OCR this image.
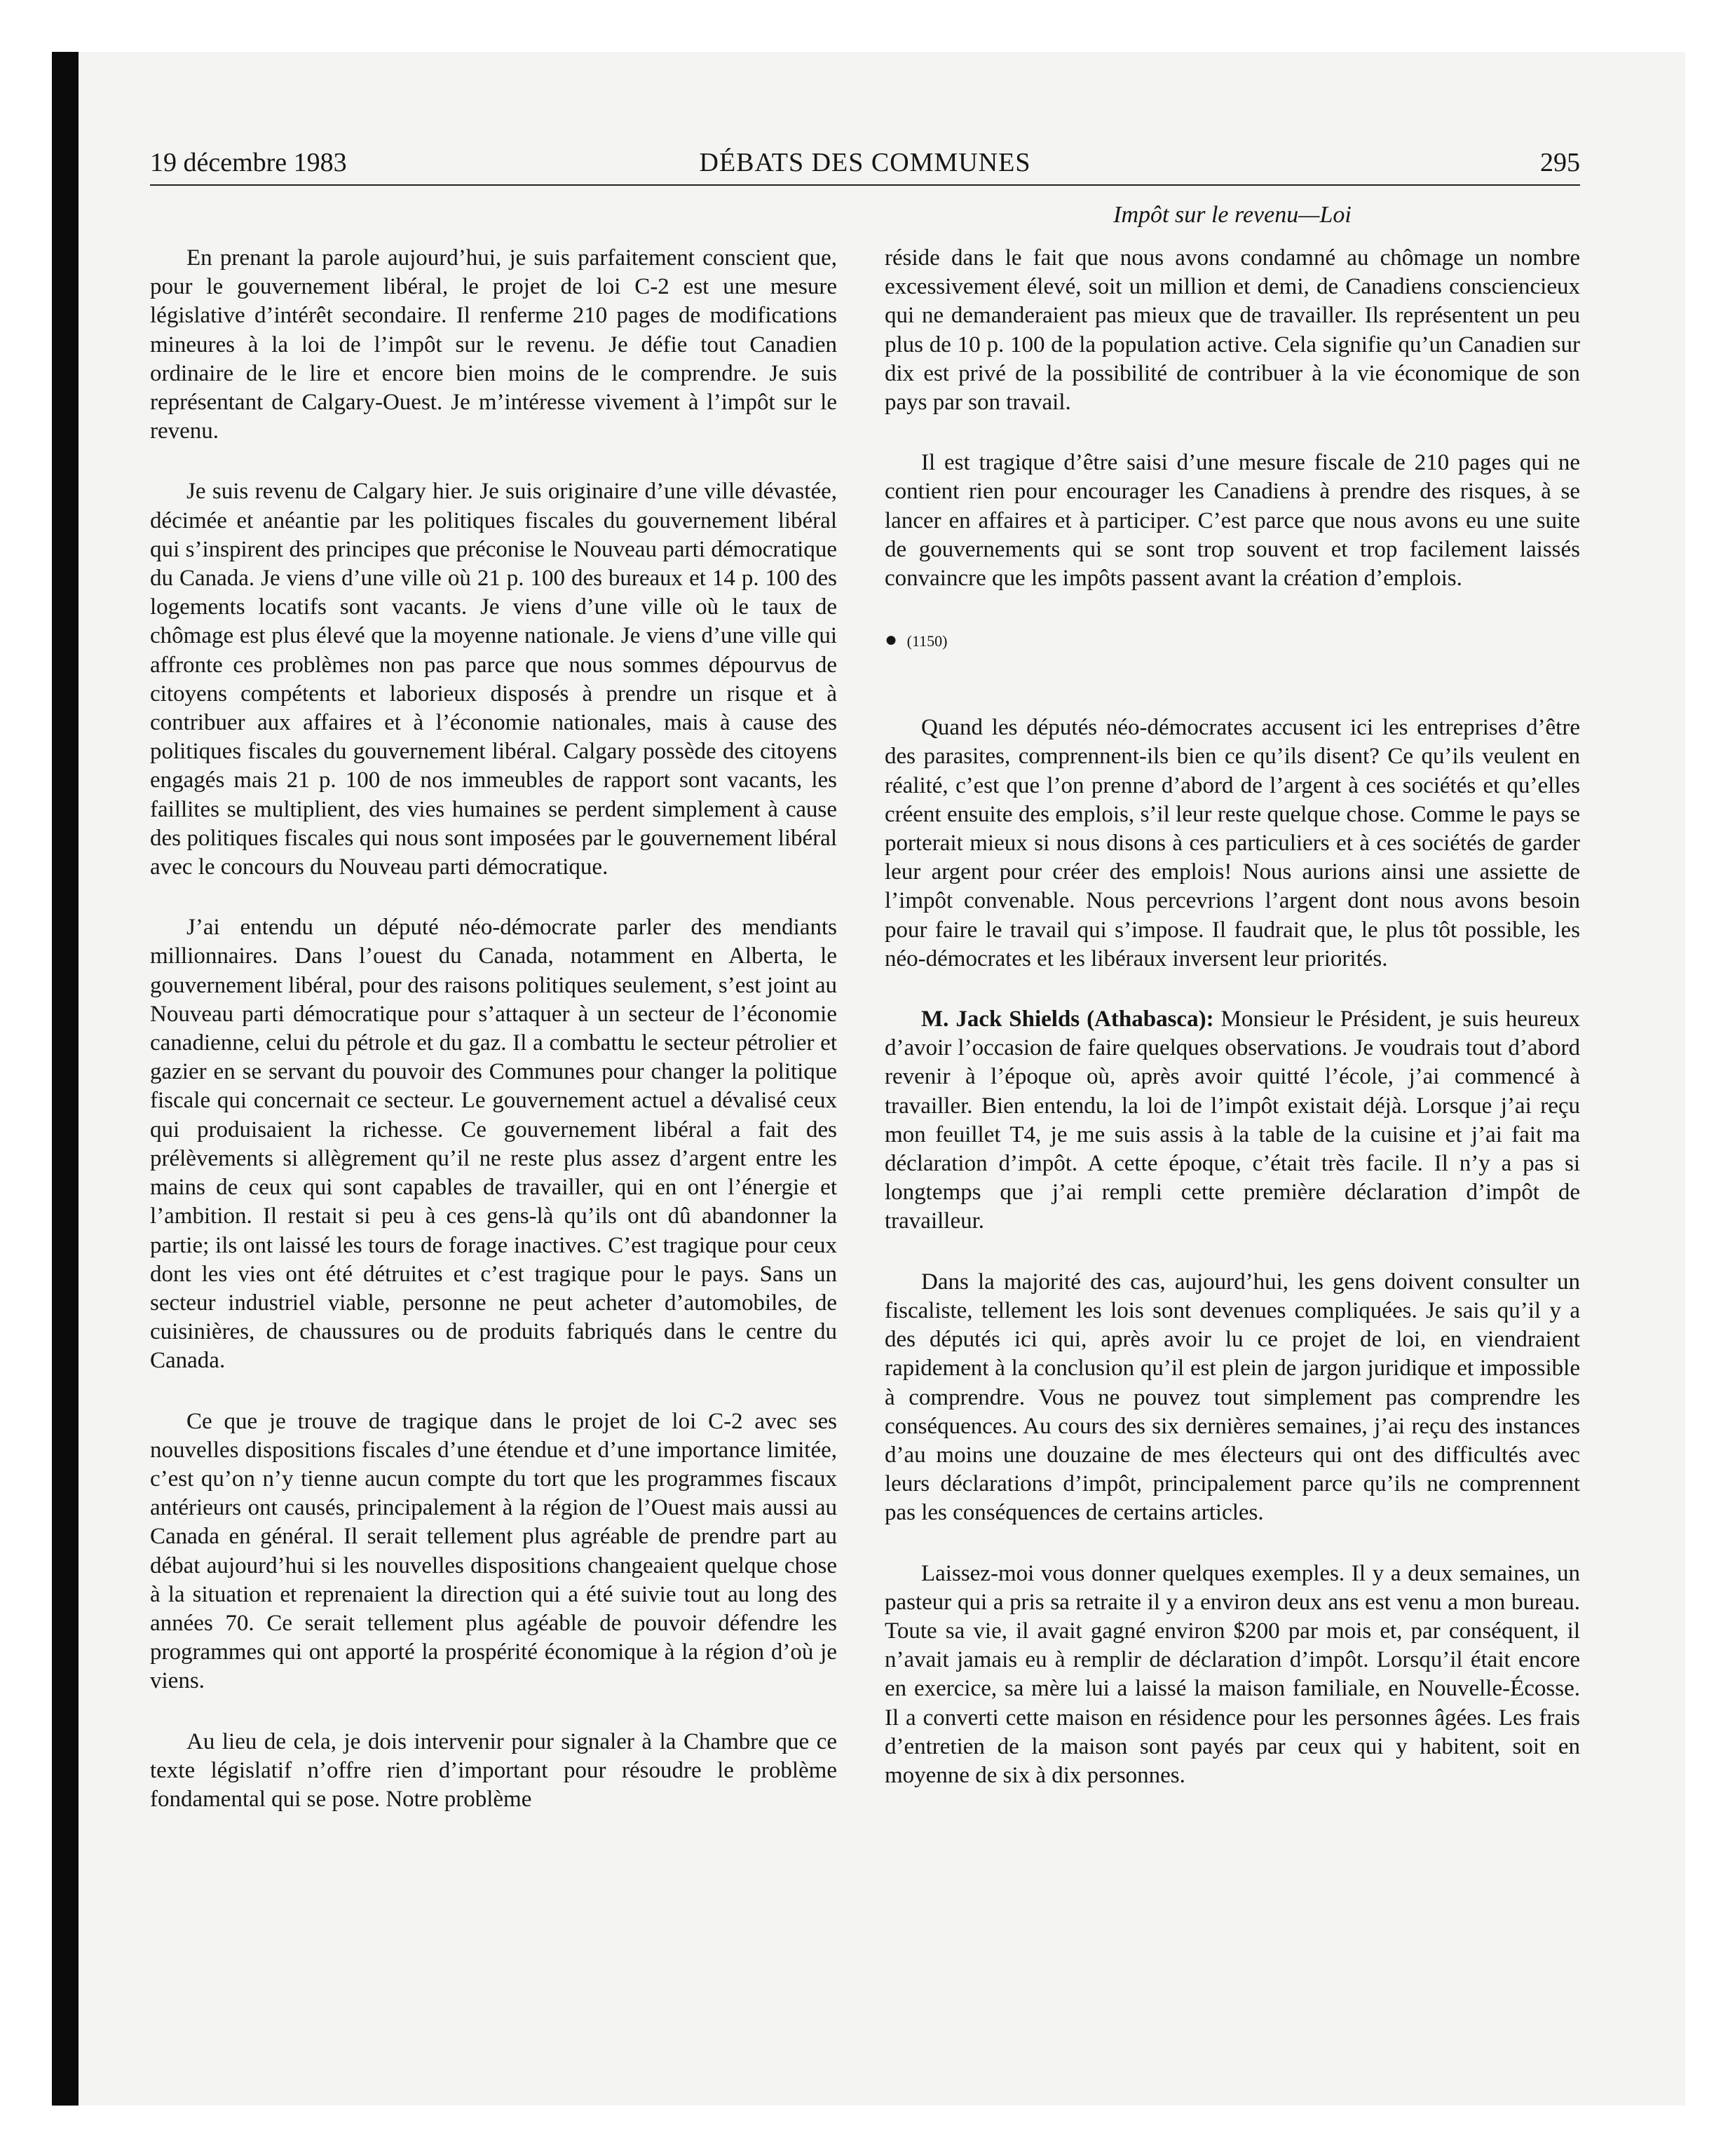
19 décembre 1983	DÉBATS DES COMMUNES	295
Impôt sur le revenu—Loi

En prenant la parole aujourd’hui, je suis parfaitement conscient que, pour le gouvernement libéral, le projet de loi C-2 est une mesure législative d’intérêt secondaire. Il renferme 210 pages de modifications mineures à la loi de l’impôt sur le revenu. Je défie tout Canadien ordinaire de le lire et encore bien moins de le comprendre. Je suis représentant de Calgary-Ouest. Je m’intéresse vivement à l’impôt sur le revenu.

Je suis revenu de Calgary hier. Je suis originaire d’une ville dévastée, décimée et anéantie par les politiques fiscales du gouvernement libéral qui s’inspirent des principes que préconise le Nouveau parti démocratique du Canada. Je viens d’une ville où 21 p. 100 des bureaux et 14 p. 100 des logements locatifs sont vacants. Je viens d’une ville où le taux de chômage est plus élevé que la moyenne nationale. Je viens d’une ville qui affronte ces problèmes non pas parce que nous sommes dépourvus de citoyens compétents et laborieux disposés à prendre un risque et à contribuer aux affaires et à l’économie nationales, mais à cause des politiques fiscales du gouvernement libéral. Calgary possède des citoyens engagés mais 21 p. 100 de nos immeubles de rapport sont vacants, les faillites se multiplient, des vies humaines se perdent simplement à cause des politiques fiscales qui nous sont imposées par le gouvernement libéral avec le concours du Nouveau parti démocratique.

J’ai entendu un député néo-démocrate parler des mendiants millionnaires. Dans l’ouest du Canada, notamment en Alberta, le gouvernement libéral, pour des raisons politiques seulement, s’est joint au Nouveau parti démocratique pour s’attaquer à un secteur de l’économie canadienne, celui du pétrole et du gaz. Il a combattu le secteur pétrolier et gazier en se servant du pouvoir des Communes pour changer la politique fiscale qui concernait ce secteur. Le gouvernement actuel a dévalisé ceux qui produisaient la richesse. Ce gouvernement libéral a fait des prélèvements si allègrement qu’il ne reste plus assez d’argent entre les mains de ceux qui sont capables de travailler, qui en ont l’énergie et l’ambition. Il restait si peu à ces gens-là qu’ils ont dû abandonner la partie; ils ont laissé les tours de forage inactives. C’est tragique pour ceux dont les vies ont été détruites et c’est tragique pour le pays. Sans un secteur industriel viable, personne ne peut acheter d’automobiles, de cuisinières, de chaussures ou de produits fabriqués dans le centre du Canada.

Ce que je trouve de tragique dans le projet de loi C-2 avec ses nouvelles dispositions fiscales d’une étendue et d’une importance limitée, c’est qu’on n’y tienne aucun compte du tort que les programmes fiscaux antérieurs ont causés, principalement à la région de l’Ouest mais aussi au Canada en général. Il serait tellement plus agréable de prendre part au débat aujourd’hui si les nouvelles dispositions changeaient quelque chose à la situation et reprenaient la direction qui a été suivie tout au long des années 70. Ce serait tellement plus agéable de pouvoir défendre les programmes qui ont apporté la prospérité économique à la région d’où je viens.

Au lieu de cela, je dois intervenir pour signaler à la Chambre que ce texte législatif n’offre rien d’important pour résoudre le problème fondamental qui se pose. Notre problème

réside dans le fait que nous avons condamné au chômage un nombre excessivement élevé, soit un million et demi, de Canadiens consciencieux qui ne demanderaient pas mieux que de travailler. Ils représentent un peu plus de 10 p. 100 de la population active. Cela signifie qu’un Canadien sur dix est privé de la possibilité de contribuer à la vie économique de son pays par son travail.

Il est tragique d’être saisi d’une mesure fiscale de 210 pages qui ne contient rien pour encourager les Canadiens à prendre des risques, à se lancer en affaires et à participer. C’est parce que nous avons eu une suite de gouvernements qui se sont trop souvent et trop facilement laissés convaincre que les impôts passent avant la création d’emplois.

● (1150)

Quand les députés néo-démocrates accusent ici les entreprises d’être des parasites, comprennent-ils bien ce qu’ils disent? Ce qu’ils veulent en réalité, c’est que l’on prenne d’abord de l’argent à ces sociétés et qu’elles créent ensuite des emplois, s’il leur reste quelque chose. Comme le pays se porterait mieux si nous disons à ces particuliers et à ces sociétés de garder leur argent pour créer des emplois! Nous aurions ainsi une assiette de l’impôt convenable. Nous percevrions l’argent dont nous avons besoin pour faire le travail qui s’impose. Il faudrait que, le plus tôt possible, les néo-démocrates et les libéraux inversent leur priorités.

M. Jack Shields (Athabasca): Monsieur le Président, je suis heureux d’avoir l’occasion de faire quelques observations. Je voudrais tout d’abord revenir à l’époque où, après avoir quitté l’école, j’ai commencé à travailler. Bien entendu, la loi de l’impôt existait déjà. Lorsque j’ai reçu mon feuillet T4, je me suis assis à la table de la cuisine et j’ai fait ma déclaration d’impôt. A cette époque, c’était très facile. Il n’y a pas si longtemps que j’ai rempli cette première déclaration d’impôt de travailleur.

Dans la majorité des cas, aujourd’hui, les gens doivent consulter un fiscaliste, tellement les lois sont devenues compliquées. Je sais qu’il y a des députés ici qui, après avoir lu ce projet de loi, en viendraient rapidement à la conclusion qu’il est plein de jargon juridique et impossible à comprendre. Vous ne pouvez tout simplement pas comprendre les conséquences. Au cours des six dernières semaines, j’ai reçu des instances d’au moins une douzaine de mes électeurs qui ont des difficultés avec leurs déclarations d’impôt, principalement parce qu’ils ne comprennent pas les conséquences de certains articles.

Laissez-moi vous donner quelques exemples. Il y a deux semaines, un pasteur qui a pris sa retraite il y a environ deux ans est venu a mon bureau. Toute sa vie, il avait gagné environ $200 par mois et, par conséquent, il n’avait jamais eu à remplir de déclaration d’impôt. Lorsqu’il était encore en exercice, sa mère lui a laissé la maison familiale, en Nouvelle-Écosse. Il a converti cette maison en résidence pour les personnes âgées. Les frais d’entretien de la maison sont payés par ceux qui y habitent, soit en moyenne de six à dix personnes.
